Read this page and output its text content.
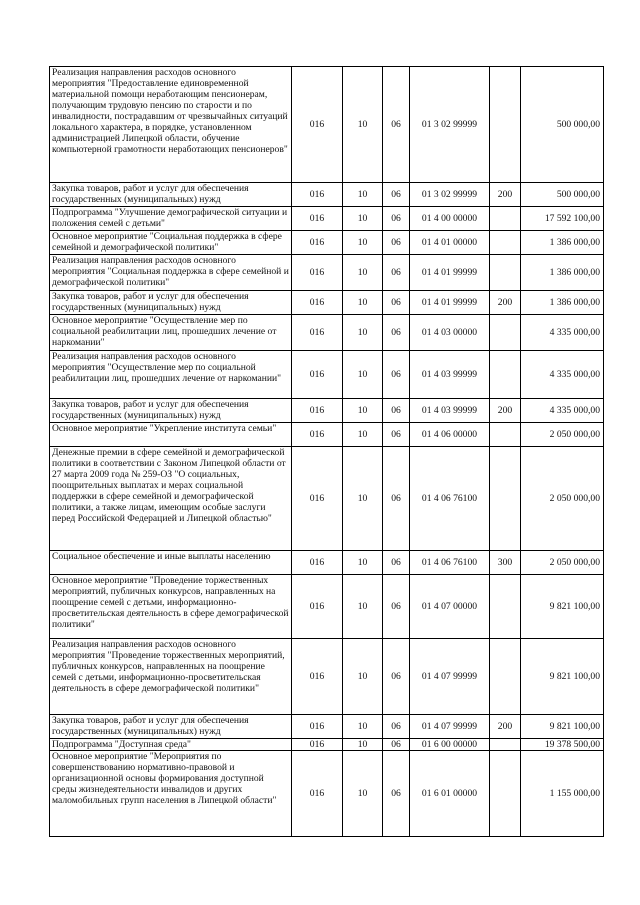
Реализация направления расходов основного мероприятия "Предоставление единовременной материальной помощи неработающим пенсионерам, получающим трудовую пенсию по старости и по инвалидности, пострадавшим от чрезвычайных ситуаций локального характера, в порядке, установленном администрацией Липецкой области, обучение компьютерной грамотности неработающих пенсионеров"	016	10	06	01 3 02 99999		500 000,00
Закупка товаров, работ и услуг для обеспечения государственных (муниципальных) нужд	016	10	06	01 3 02 99999	200	500 000,00
Подпрограмма "Улучшение демографической ситуации и положения семей с детьми"	016	10	06	01 4 00 00000		17 592 100,00
Основное мероприятие "Социальная поддержка в сфере семейной и демографической политики"	016	10	06	01 4 01 00000		1 386 000,00
Реализация направления расходов основного мероприятия "Социальная поддержка в сфере семейной и демографической политики"	016	10	06	01 4 01 99999		1 386 000,00
Закупка товаров, работ и услуг для обеспечения государственных (муниципальных) нужд	016	10	06	01 4 01 99999	200	1 386 000,00
Основное мероприятие "Осуществление мер по социальной реабилитации лиц, прошедших лечение от наркомании"	016	10	06	01 4 03 00000		4 335 000,00
Реализация направления расходов основного мероприятия "Осуществление мер по социальной реабилитации лиц, прошедших лечение от наркомании"	016	10	06	01 4 03 99999		4 335 000,00
Закупка товаров, работ и услуг для обеспечения государственных (муниципальных) нужд	016	10	06	01 4 03 99999	200	4 335 000,00
Основное мероприятие "Укрепление института семьи"	016	10	06	01 4 06 00000		2 050 000,00
Денежные премии в сфере семейной и демографической политики в соответствии с Законом Липецкой области от 27 марта 2009 года № 259-ОЗ "О социальных, поощрительных выплатах и мерах социальной поддержки в сфере семейной и демографической политики, а также лицам, имеющим особые заслуги перед Российской Федерацией и Липецкой областью"	016	10	06	01 4 06 76100		2 050 000,00
Социальное обеспечение и иные выплаты населению	016	10	06	01 4 06 76100	300	2 050 000,00
Основное мероприятие "Проведение торжественных мероприятий, публичных конкурсов, направленных на поощрение семей с детьми, информационно-просветительская деятельность в сфере демографической политики"	016	10	06	01 4 07 00000		9 821 100,00
Реализация направления расходов основного мероприятия "Проведение торжественных мероприятий, публичных конкурсов, направленных на поощрение семей с детьми, информационно-просветительская деятельность в сфере демографической политики"	016	10	06	01 4 07 99999		9 821 100,00
Закупка товаров, работ и услуг для обеспечения государственных (муниципальных) нужд	016	10	06	01 4 07 99999	200	9 821 100,00
Подпрограмма "Доступная среда"	016	10	06	01 6 00 00000		19 378 500,00
Основное мероприятие "Мероприятия по совершенствованию нормативно-правовой и организационной основы формирования доступной среды жизнедеятельности инвалидов и других маломобильных групп населения в Липецкой области"	016	10	06	01 6 01 00000		1 155 000,00
